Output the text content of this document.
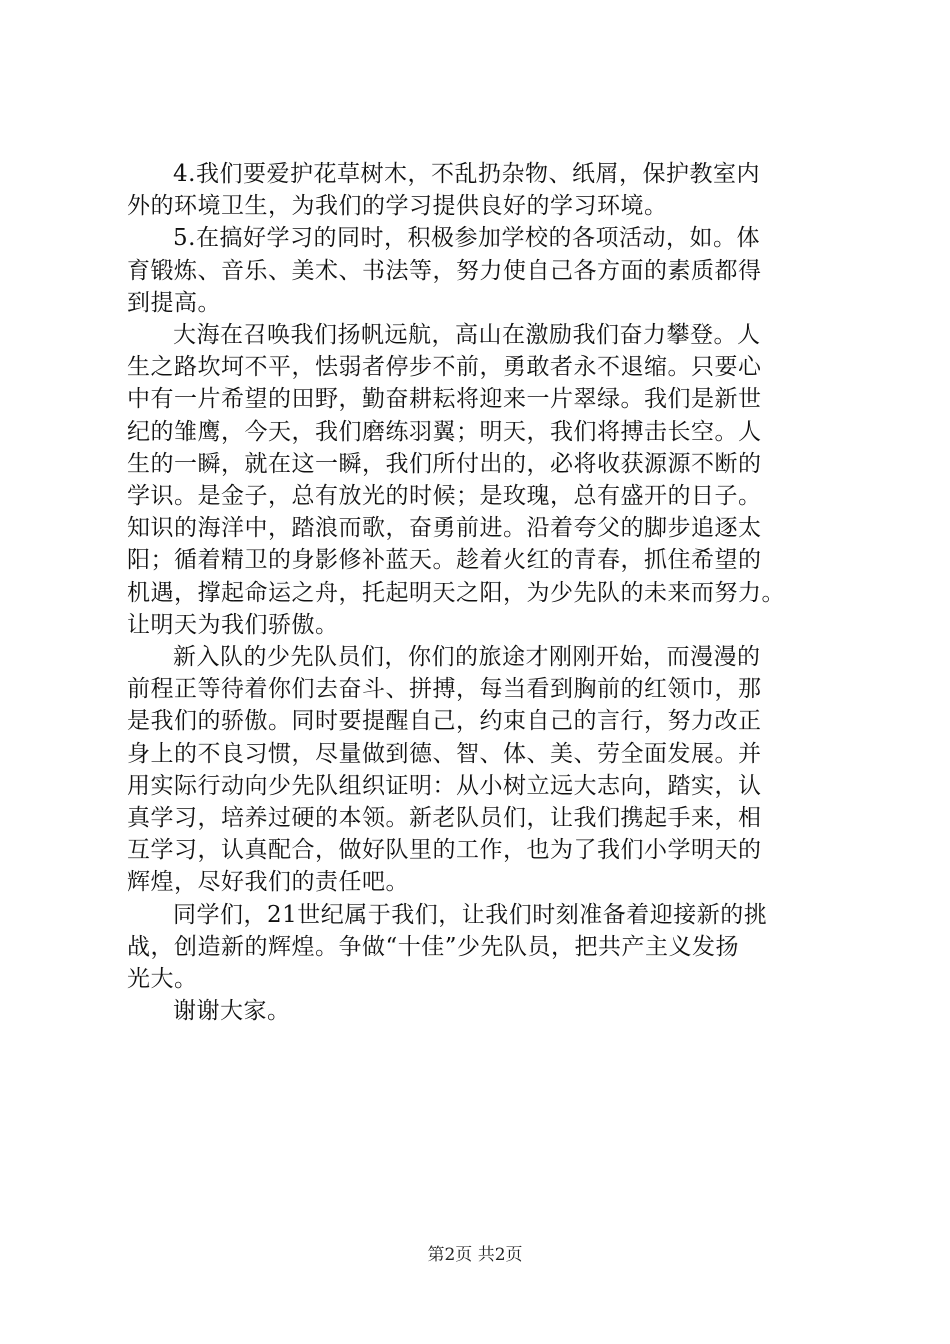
4.我们要爱护花草树木，不乱扔杂物、纸屑，保护教室内
外的环境卫生，为我们的学习提供良好的学习环境。

5.在搞好学习的同时，积极参加学校的各项活动，如。体
育锻炼、音乐、美术、书法等，努力使自己各方面的素质都得
到提高。

大海在召唤我们扬帆远航，高山在激励我们奋力攀登。人
生之路坎坷不平，怯弱者停步不前，勇敢者永不退缩。只要心
中有一片希望的田野，勤奋耕耘将迎来一片翠绿。我们是新世
纪的雏鹰，今天，我们磨练羽翼；明天，我们将搏击长空。人
生的一瞬，就在这一瞬，我们所付出的，必将收获源源不断的
学识。是金子，总有放光的时候；是玫瑰，总有盛开的日子。
知识的海洋中，踏浪而歌，奋勇前进。沿着夸父的脚步追逐太
阳；循着精卫的身影修补蓝天。趁着火红的青春，抓住希望的
机遇，撑起命运之舟，托起明天之阳，为少先队的未来而努力。
让明天为我们骄傲。

新入队的少先队员们，你们的旅途才刚刚开始，而漫漫的
前程正等待着你们去奋斗、拼搏，每当看到胸前的红领巾，那
是我们的骄傲。同时要提醒自己，约束自己的言行，努力改正
身上的不良习惯，尽量做到德、智、体、美、劳全面发展。并
用实际行动向少先队组织证明：从小树立远大志向，踏实，认
真学习，培养过硬的本领。新老队员们，让我们携起手来，相
互学习，认真配合，做好队里的工作，也为了我们小学明天的
辉煌，尽好我们的责任吧。

同学们，21世纪属于我们，让我们时刻准备着迎接新的挑
战，创造新的辉煌。争做“十佳”少先队员，把共产主义发扬
光大。

谢谢大家。

第2页 共2页
